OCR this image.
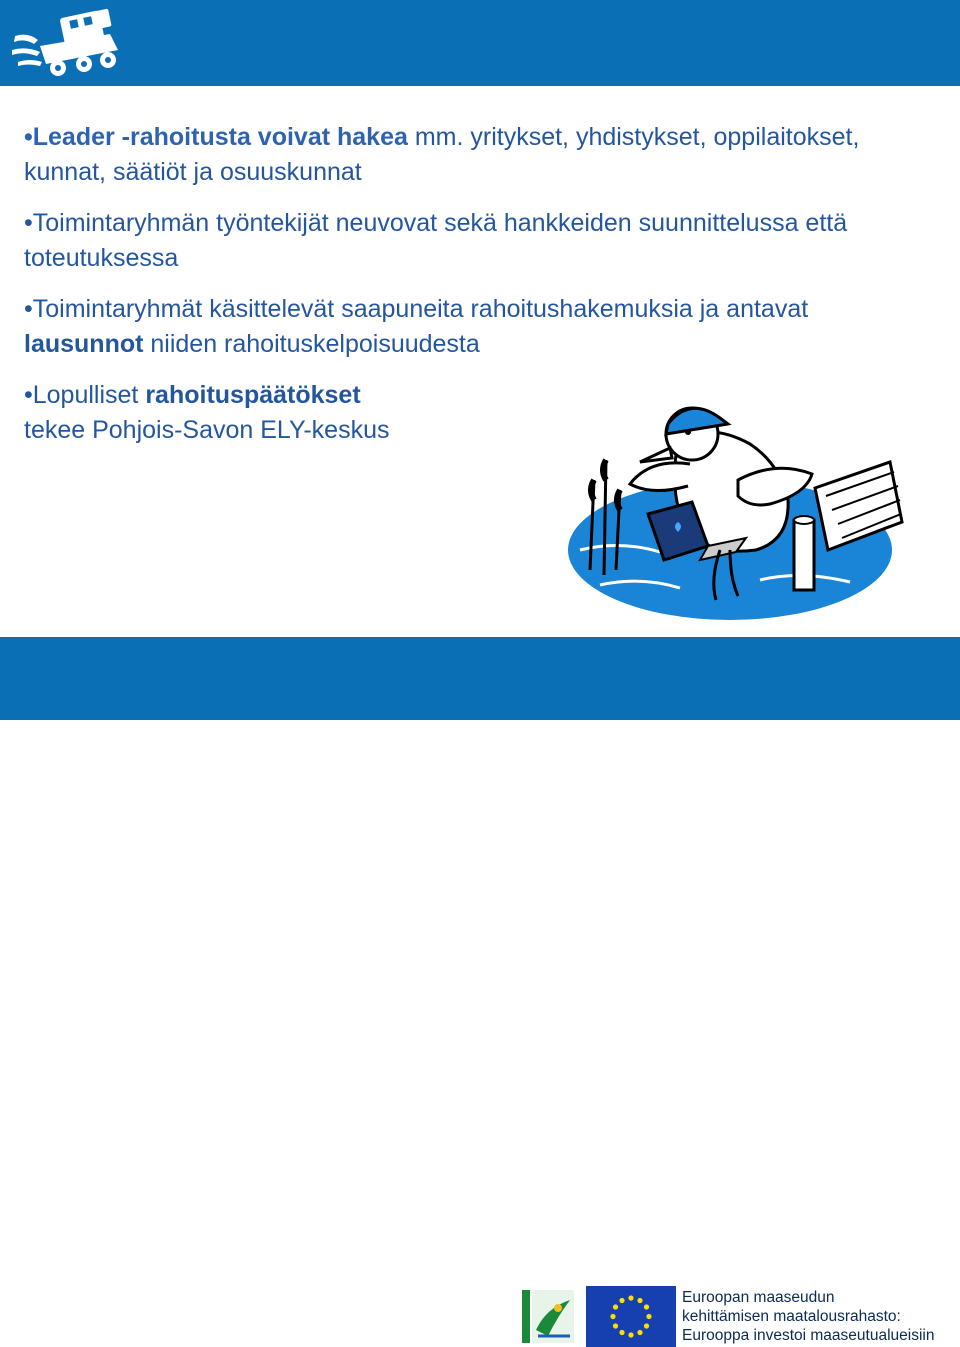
•Leader -rahoitusta voivat hakea mm. yritykset, yhdistykset, oppilaitokset, kunnat, säätiöt ja osuuskunnat

•Toimintaryhmän työntekijät neuvovat sekä hankkeiden suunnittelussa että toteutuksessa

•Toimintaryhmät käsittelevät saapuneita rahoitushakemuksia ja antavat lausunnot niiden rahoituskelpoisuudesta

•Lopulliset rahoituspäätökset
tekee Pohjois-Savon ELY-keskus

www.ylasavonveturi.fi	Euroopan maaseudun
kehittämisen maatalousrahasto:
Eurooppa investoi maaseutualueisiin
